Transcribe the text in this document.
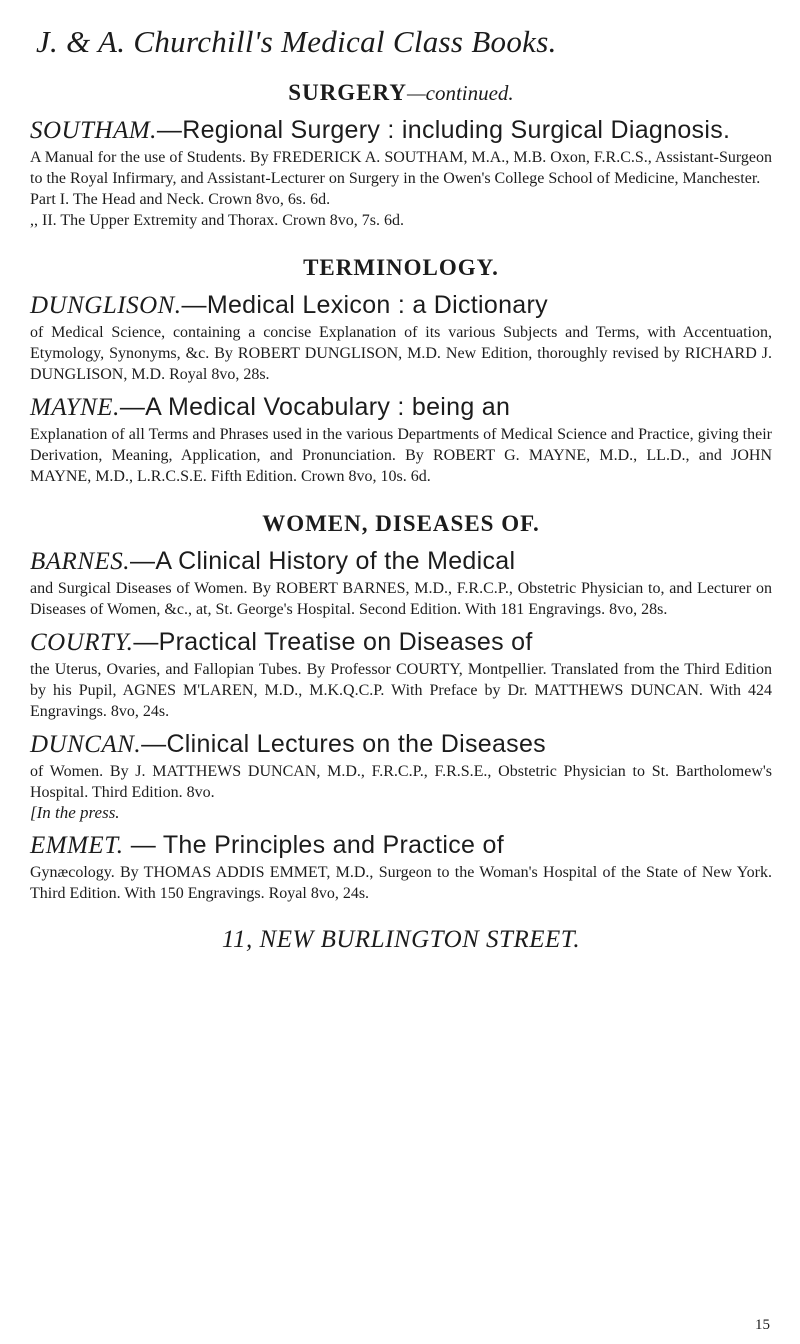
J. & A. Churchill's Medical Class Books.
SURGERY—continued.

SOUTHAM.—Regional Surgery : including Surgical Diagnosis.

A Manual for the use of Students. By FREDERICK A. SOUTHAM, M.A., M.B. Oxon, F.R.C.S., Assistant-Surgeon to the Royal Infirmary, and Assistant-Lecturer on Surgery in the Owen's College School of Medicine, Manchester.

Part I. The Head and Neck. Crown 8vo, 6s. 6d.

,, II. The Upper Extremity and Thorax. Crown 8vo, 7s. 6d.

TERMINOLOGY.

DUNGLISON.—Medical Lexicon : a Dictionary

of Medical Science, containing a concise Explanation of its various Subjects and Terms, with Accentuation, Etymology, Synonyms, &c. By ROBERT DUNGLISON, M.D. New Edition, thoroughly revised by RICHARD J. DUNGLISON, M.D. Royal 8vo, 28s.

MAYNE.—A Medical Vocabulary : being an

Explanation of all Terms and Phrases used in the various Departments of Medical Science and Practice, giving their Derivation, Meaning, Application, and Pronunciation. By ROBERT G. MAYNE, M.D., LL.D., and JOHN MAYNE, M.D., L.R.C.S.E. Fifth Edition. Crown 8vo, 10s. 6d.

WOMEN, DISEASES OF.

BARNES.—A Clinical History of the Medical

and Surgical Diseases of Women. By ROBERT BARNES, M.D., F.R.C.P., Obstetric Physician to, and Lecturer on Diseases of Women, &c., at, St. George's Hospital. Second Edition. With 181 Engravings. 8vo, 28s.

COURTY.—Practical Treatise on Diseases of

the Uterus, Ovaries, and Fallopian Tubes. By Professor COURTY, Montpellier. Translated from the Third Edition by his Pupil, AGNES M'LAREN, M.D., M.K.Q.C.P. With Preface by Dr. MATTHEWS DUNCAN. With 424 Engravings. 8vo, 24s.

DUNCAN.—Clinical Lectures on the Diseases

of Women. By J. MATTHEWS DUNCAN, M.D., F.R.C.P., F.R.S.E., Obstetric Physician to St. Bartholomew's Hospital. Third Edition. 8vo.

[In the press.

EMMET. — The Principles and Practice of

Gynæcology. By THOMAS ADDIS EMMET, M.D., Surgeon to the Woman's Hospital of the State of New York. Third Edition. With 150 Engravings. Royal 8vo, 24s.

11, NEW BURLINGTON STREET.
15
